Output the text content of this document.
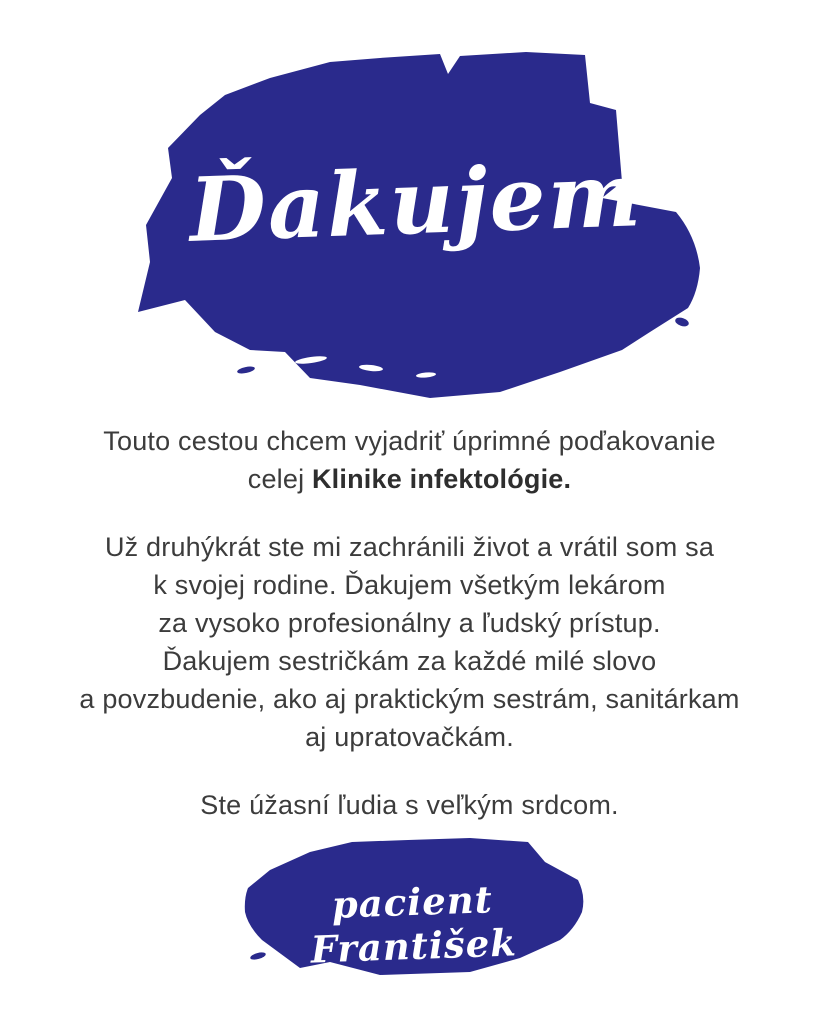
Ďakujem

Touto cestou chcem vyjadriť úprimné poďakovanie
celej Klinike infektológie.

Už druhýkrát ste mi zachránili život a vrátil som sa
k svojej rodine. Ďakujem všetkým lekárom
za vysoko profesionálny a ľudský prístup.
Ďakujem sestričkám za každé milé slovo
a povzbudenie, ako aj praktickým sestrám, sanitárkam
aj upratovačkám.

Ste úžasní ľudia s veľkým srdcom.

pacient František
